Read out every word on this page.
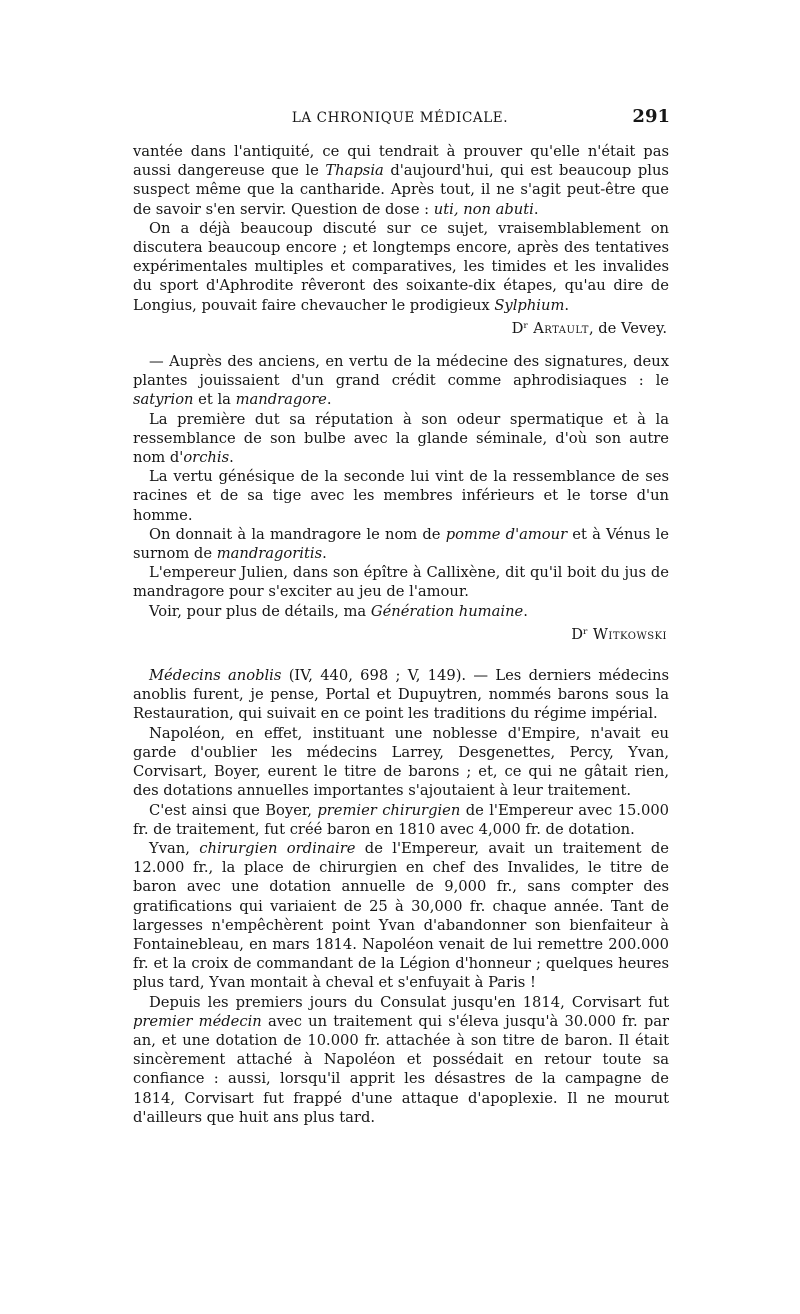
LA CHRONIQUE MÉDICALE.	291

vantée dans l'antiquité, ce qui tendrait à prouver qu'elle n'était pas aussi dangereuse que le Thapsia d'aujourd'hui, qui est beaucoup plus suspect même que la cantharide. Après tout, il ne s'agit peut-être que de savoir s'en servir. Question de dose : uti, non abuti.

On a déjà beaucoup discuté sur ce sujet, vraisemblablement on discutera beaucoup encore ; et longtemps encore, après des tentatives expérimentales multiples et comparatives, les timides et les invalides du sport d'Aphrodite rêveront des soixante-dix étapes, qu'au dire de Longius, pouvait faire chevaucher le prodigieux Sylphium.

Dʳ Artault, de Vevey.

— Auprès des anciens, en vertu de la médecine des signatures, deux plantes jouissaient d'un grand crédit comme aphrodisiaques : le satyrion et la mandragore.

La première dut sa réputation à son odeur spermatique et à la ressemblance de son bulbe avec la glande séminale, d'où son autre nom d'orchis.

La vertu génésique de la seconde lui vint de la ressemblance de ses racines et de sa tige avec les membres inférieurs et le torse d'un homme.

On donnait à la mandragore le nom de pomme d'amour et à Vénus le surnom de mandragoritis.

L'empereur Julien, dans son épître à Callixène, dit qu'il boit du jus de mandragore pour s'exciter au jeu de l'amour.

Voir, pour plus de détails, ma Génération humaine.

Dʳ Witkowski

Médecins anoblis (IV, 440, 698 ; V, 149). — Les derniers médecins anoblis furent, je pense, Portal et Dupuytren, nommés barons sous la Restauration, qui suivait en ce point les traditions du régime impérial.

Napoléon, en effet, instituant une noblesse d'Empire, n'avait eu garde d'oublier les médecins Larrey, Desgenettes, Percy, Yvan, Corvisart, Boyer, eurent le titre de barons ; et, ce qui ne gâtait rien, des dotations annuelles importantes s'ajoutaient à leur traitement.

C'est ainsi que Boyer, premier chirurgien de l'Empereur avec 15.000 fr. de traitement, fut créé baron en 1810 avec 4,000 fr. de dotation.

Yvan, chirurgien ordinaire de l'Empereur, avait un traitement de 12.000 fr., la place de chirurgien en chef des Invalides, le titre de baron avec une dotation annuelle de 9,000 fr., sans compter des gratifications qui variaient de 25 à 30,000 fr. chaque année. Tant de largesses n'empêchèrent point Yvan d'abandonner son bienfaiteur à Fontainebleau, en mars 1814. Napoléon venait de lui remettre 200.000 fr. et la croix de commandant de la Légion d'honneur ; quelques heures plus tard, Yvan montait à cheval et s'enfuyait à Paris !

Depuis les premiers jours du Consulat jusqu'en 1814, Corvisart fut premier médecin avec un traitement qui s'éleva jusqu'à 30.000 fr. par an, et une dotation de 10.000 fr. attachée à son titre de baron. Il était sincèrement attaché à Napoléon et possédait en retour toute sa confiance : aussi, lorsqu'il apprit les désastres de la campagne de 1814, Corvisart fut frappé d'une attaque d'apoplexie. Il ne mourut d'ailleurs que huit ans plus tard.
